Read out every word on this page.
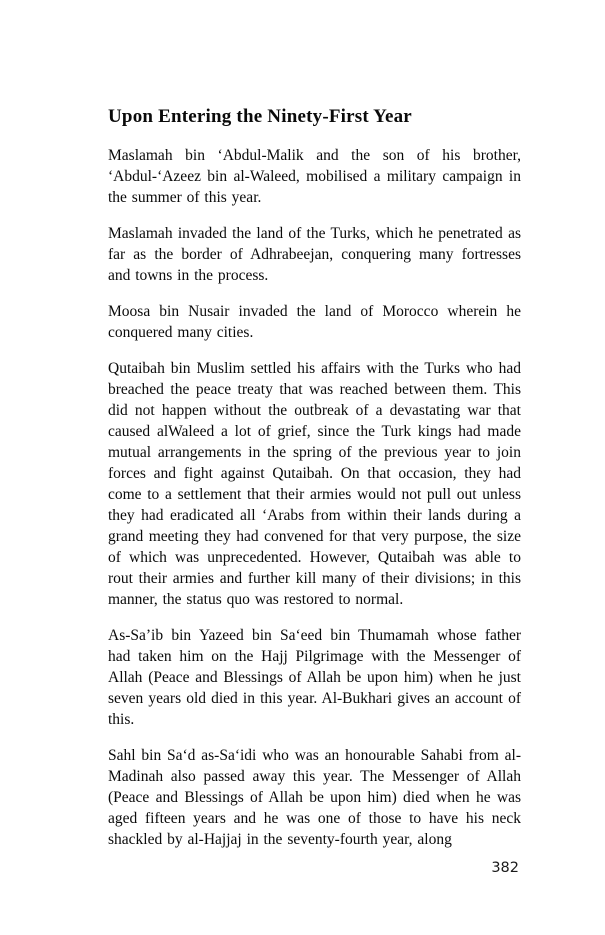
Upon Entering the Ninety-First Year

Maslamah bin ‘Abdul-Malik and the son of his brother, ‘Abdul-‘Azeez bin al-Waleed, mobilised a military campaign in the summer of this year.

Maslamah invaded the land of the Turks, which he penetrated as far as the border of Adhrabeejan, conquering many fortresses and towns in the process.

Moosa bin Nusair invaded the land of Morocco wherein he conquered many cities.

Qutaibah bin Muslim settled his affairs with the Turks who had breached the peace treaty that was reached between them. This did not happen without the outbreak of a devastating war that caused alWaleed a lot of grief, since the Turk kings had made mutual arrangements in the spring of the previous year to join forces and fight against Qutaibah. On that occasion, they had come to a settlement that their armies would not pull out unless they had eradicated all ‘Arabs from within their lands during a grand meeting they had convened for that very purpose, the size of which was unprecedented. However, Qutaibah was able to rout their armies and further kill many of their divisions; in this manner, the status quo was restored to normal.

As-Sa’ib bin Yazeed bin Sa‘eed bin Thumamah whose father had taken him on the Hajj Pilgrimage with the Messenger of Allah (Peace and Blessings of Allah be upon him) when he just seven years old died in this year. Al-Bukhari gives an account of this.

Sahl bin Sa‘d as-Sa‘idi who was an honourable Sahabi from al-Madinah also passed away this year. The Messenger of Allah (Peace and Blessings of Allah be upon him) died when he was aged fifteen years and he was one of those to have his neck shackled by al-Hajjaj in the seventy-fourth year, along

382
